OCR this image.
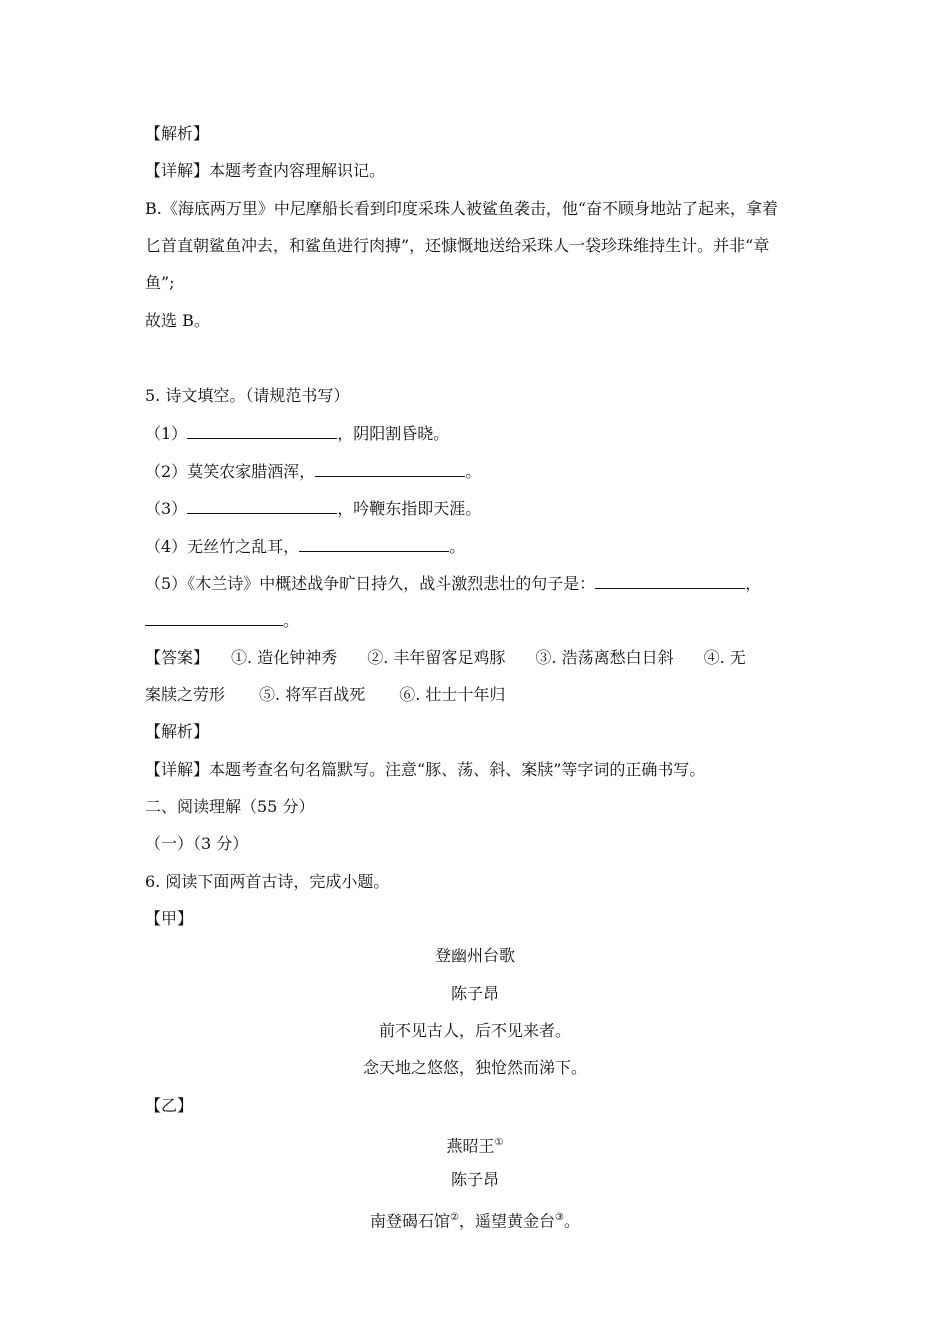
【解析】
【详解】本题考查内容理解识记。
B.《海底两万里》中尼摩船长看到印度采珠人被鲨鱼袭击，他“奋不顾身地站了起来，拿着
匕首直朝鲨鱼冲去，和鲨鱼进行肉搏”，还慷慨地送给采珠人一袋珍珠维持生计。并非“章
鱼”;
故选 B。
5. 诗文填空。（请规范书写）
（1）	，阴阳割昏晓。
（2）莫笑农家腊酒浑，	。
（3）	，吟鞭东指即天涯。
（4）无丝竹之乱耳，	。
（5）《木兰诗》中概述战争旷日持久，战斗激烈悲壮的句子是：	，
。
【答案】 ①. 造化钟神秀 ②. 丰年留客足鸡豚 ③. 浩荡离愁白日斜 ④. 无
案牍之劳形 ⑤. 将军百战死 ⑥. 壮士十年归
【解析】
【详解】本题考查名句名篇默写。注意“豚、荡、斜、案牍”等字词的正确书写。
二、阅读理解（55 分）
（一）（3 分）
6. 阅读下面两首古诗，完成小题。
【甲】
登幽州台歌
陈子昂
前不见古人，后不见来者。
念天地之悠悠，独怆然而涕下。
【乙】
燕昭王①
陈子昂
南登碣石馆②，遥望黄金台③。
